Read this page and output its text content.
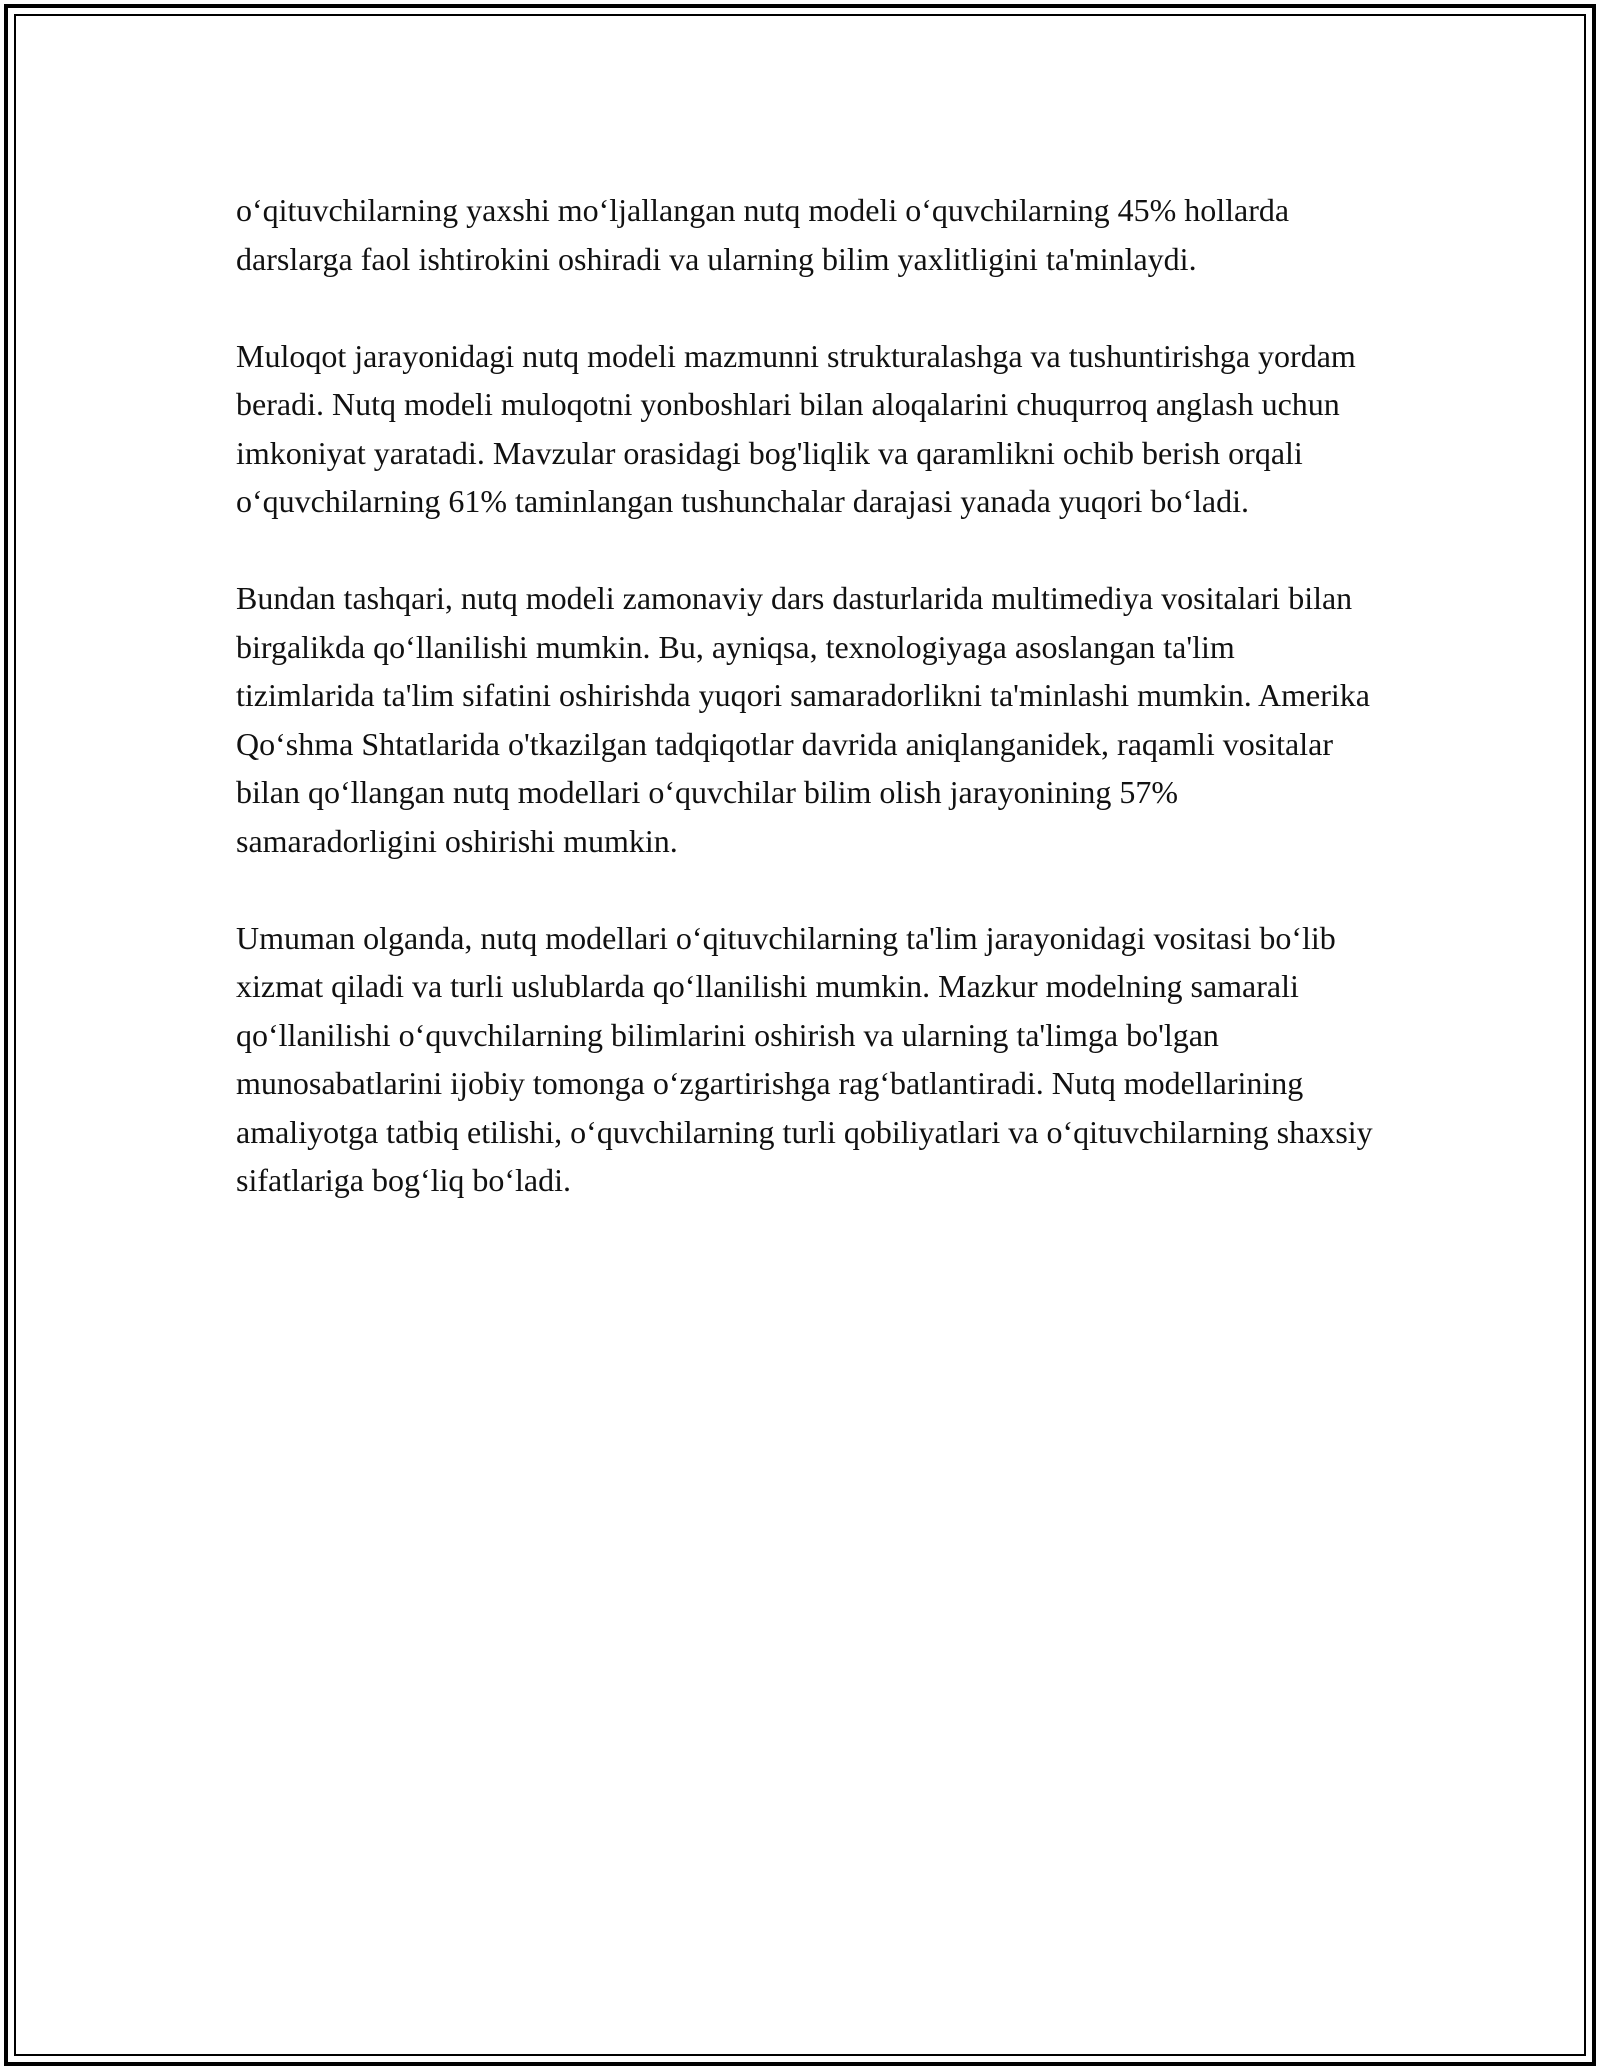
o‘qituvchilarning yaxshi mo‘ljallangan nutq modeli o‘quvchilarning 45% hollarda darslarga faol ishtirokini oshiradi va ularning bilim yaxlitligini ta'minlaydi.

Muloqot jarayonidagi nutq modeli mazmunni strukturalashga va tushuntirishga yordam beradi. Nutq modeli muloqotni yonboshlari bilan aloqalarini chuqurroq anglash uchun imkoniyat yaratadi. Mavzular orasidagi bog'liqlik va qaramlikni ochib berish orqali o‘quvchilarning 61% taminlangan tushunchalar darajasi yanada yuqori bo‘ladi.

Bundan tashqari, nutq modeli zamonaviy dars dasturlarida multimediya vositalari bilan birgalikda qo‘llanilishi mumkin. Bu, ayniqsa, texnologiyaga asoslangan ta'lim tizimlarida ta'lim sifatini oshirishda yuqori samaradorlikni ta'minlashi mumkin. Amerika Qo‘shma Shtatlarida o'tkazilgan tadqiqotlar davrida aniqlanganidek, raqamli vositalar bilan qo‘llangan nutq modellari o‘quvchilar bilim olish jarayonining 57% samaradorligini oshirishi mumkin.

Umuman olganda, nutq modellari o‘qituvchilarning ta'lim jarayonidagi vositasi bo‘lib xizmat qiladi va turli uslublarda qo‘llanilishi mumkin. Mazkur modelning samarali qo‘llanilishi o‘quvchilarning bilimlarini oshirish va ularning ta'limga bo'lgan munosabatlarini ijobiy tomonga o‘zgartirishga rag‘batlantiradi. Nutq modellarining amaliyotga tatbiq etilishi, o‘quvchilarning turli qobiliyatlari va o‘qituvchilarning shaxsiy sifatlariga bog‘liq bo‘ladi.
